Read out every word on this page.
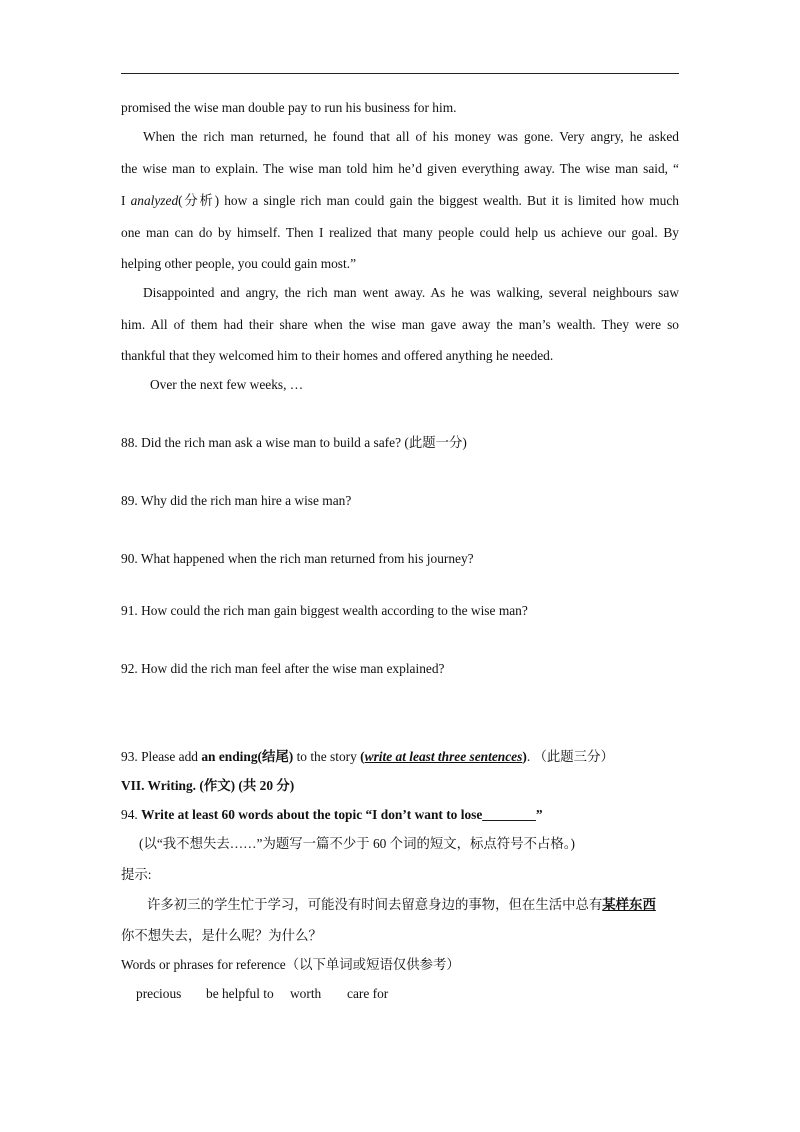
promised the wise man double pay to run his business for him.
When the rich man returned, he found that all of his money was gone. Very angry, he asked
the wise man to explain. The wise man told him he’d given everything away. The wise man said, “
I analyzed(分析) how a single rich man could gain the biggest wealth. But it is limited how much
one man can do by himself. Then I realized that many people could help us achieve our goal. By
helping other people, you could gain most.”
Disappointed and angry, the rich man went away. As he was walking, several neighbours saw
him. All of them had their share when the wise man gave away the man’s wealth. They were so
thankful that they welcomed him to their homes and offered anything he needed.
Over the next few weeks, …
88. Did the rich man ask a wise man to build a safe? (此题一分)
89. Why did the rich man hire a wise man?
90. What happened when the rich man returned from his journey?
91. How could the rich man gain biggest wealth according to the wise man?
92. How did the rich man feel after the wise man explained?
93. Please add an ending(结尾) to the story (write at least three sentences). （此题三分）
VII. Writing. (作文) (共 20 分)
94. Write at least 60 words about the topic “I don’t want to lose________”
(以“我不想失去……”为题写一篇不少于 60 个词的短文，标点符号不占格。)
提示:
许多初三的学生忙于学习，可能没有时间去留意身边的事物，但在生活中总有某样东西
你不想失去，是什么呢？为什么？
Words or phrases for reference（以下单词或短语仅供参考）
precious be helpful to worth care for
